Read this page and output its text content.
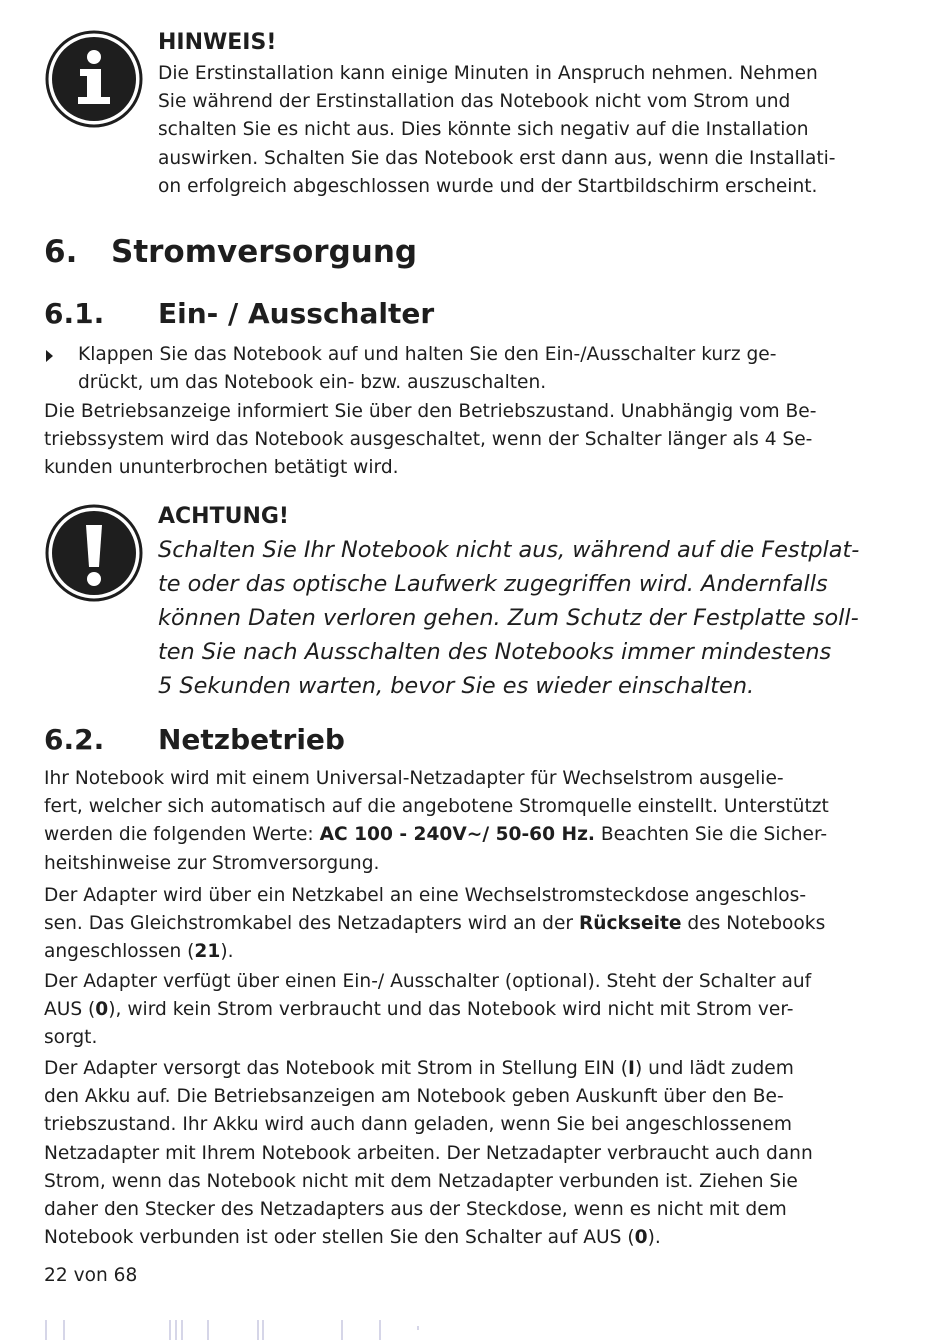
HINWEIS!
Die Erstinstallation kann einige Minuten in Anspruch nehmen. Nehmen
Sie während der Erstinstallation das Notebook nicht vom Strom und
schalten Sie es nicht aus. Dies könnte sich negativ auf die Installation
auswirken. Schalten Sie das Notebook erst dann aus, wenn die Installati-
on erfolgreich abgeschlossen wurde und der Startbildschirm erscheint.
6. Stromversorgung
6.1. Ein- / Ausschalter
Klappen Sie das Notebook auf und halten Sie den Ein-/Ausschalter kurz ge-
drückt, um das Notebook ein- bzw. auszuschalten.
Die Betriebsanzeige informiert Sie über den Betriebszustand. Unabhängig vom Be-
triebssystem wird das Notebook ausgeschaltet, wenn der Schalter länger als 4 Se-
kunden ununterbrochen betätigt wird.
ACHTUNG!
Schalten Sie Ihr Notebook nicht aus, während auf die Festplat-
te oder das optische Laufwerk zugegriffen wird. Andernfalls
können Daten verloren gehen. Zum Schutz der Festplatte soll-
ten Sie nach Ausschalten des Notebooks immer mindestens
5 Sekunden warten, bevor Sie es wieder einschalten.
6.2. Netzbetrieb
Ihr Notebook wird mit einem Universal-Netzadapter für Wechselstrom ausgelie-
fert, welcher sich automatisch auf die angebotene Stromquelle einstellt. Unterstützt
werden die folgenden Werte: AC 100 - 240V~/ 50-60 Hz. Beachten Sie die Sicher-
heitshinweise zur Stromversorgung.
Der Adapter wird über ein Netzkabel an eine Wechselstromsteckdose angeschlos-
sen. Das Gleichstromkabel des Netzadapters wird an der Rückseite des Notebooks
angeschlossen (21).
Der Adapter verfügt über einen Ein-/ Ausschalter (optional). Steht der Schalter auf
AUS (0), wird kein Strom verbraucht und das Notebook wird nicht mit Strom ver-
sorgt.
Der Adapter versorgt das Notebook mit Strom in Stellung EIN (I) und lädt zudem
den Akku auf. Die Betriebsanzeigen am Notebook geben Auskunft über den Be-
triebszustand. Ihr Akku wird auch dann geladen, wenn Sie bei angeschlossenem
Netzadapter mit Ihrem Notebook arbeiten. Der Netzadapter verbraucht auch dann
Strom, wenn das Notebook nicht mit dem Netzadapter verbunden ist. Ziehen Sie
daher den Stecker des Netzadapters aus der Steckdose, wenn es nicht mit dem
Notebook verbunden ist oder stellen Sie den Schalter auf AUS (0).
22 von 68
